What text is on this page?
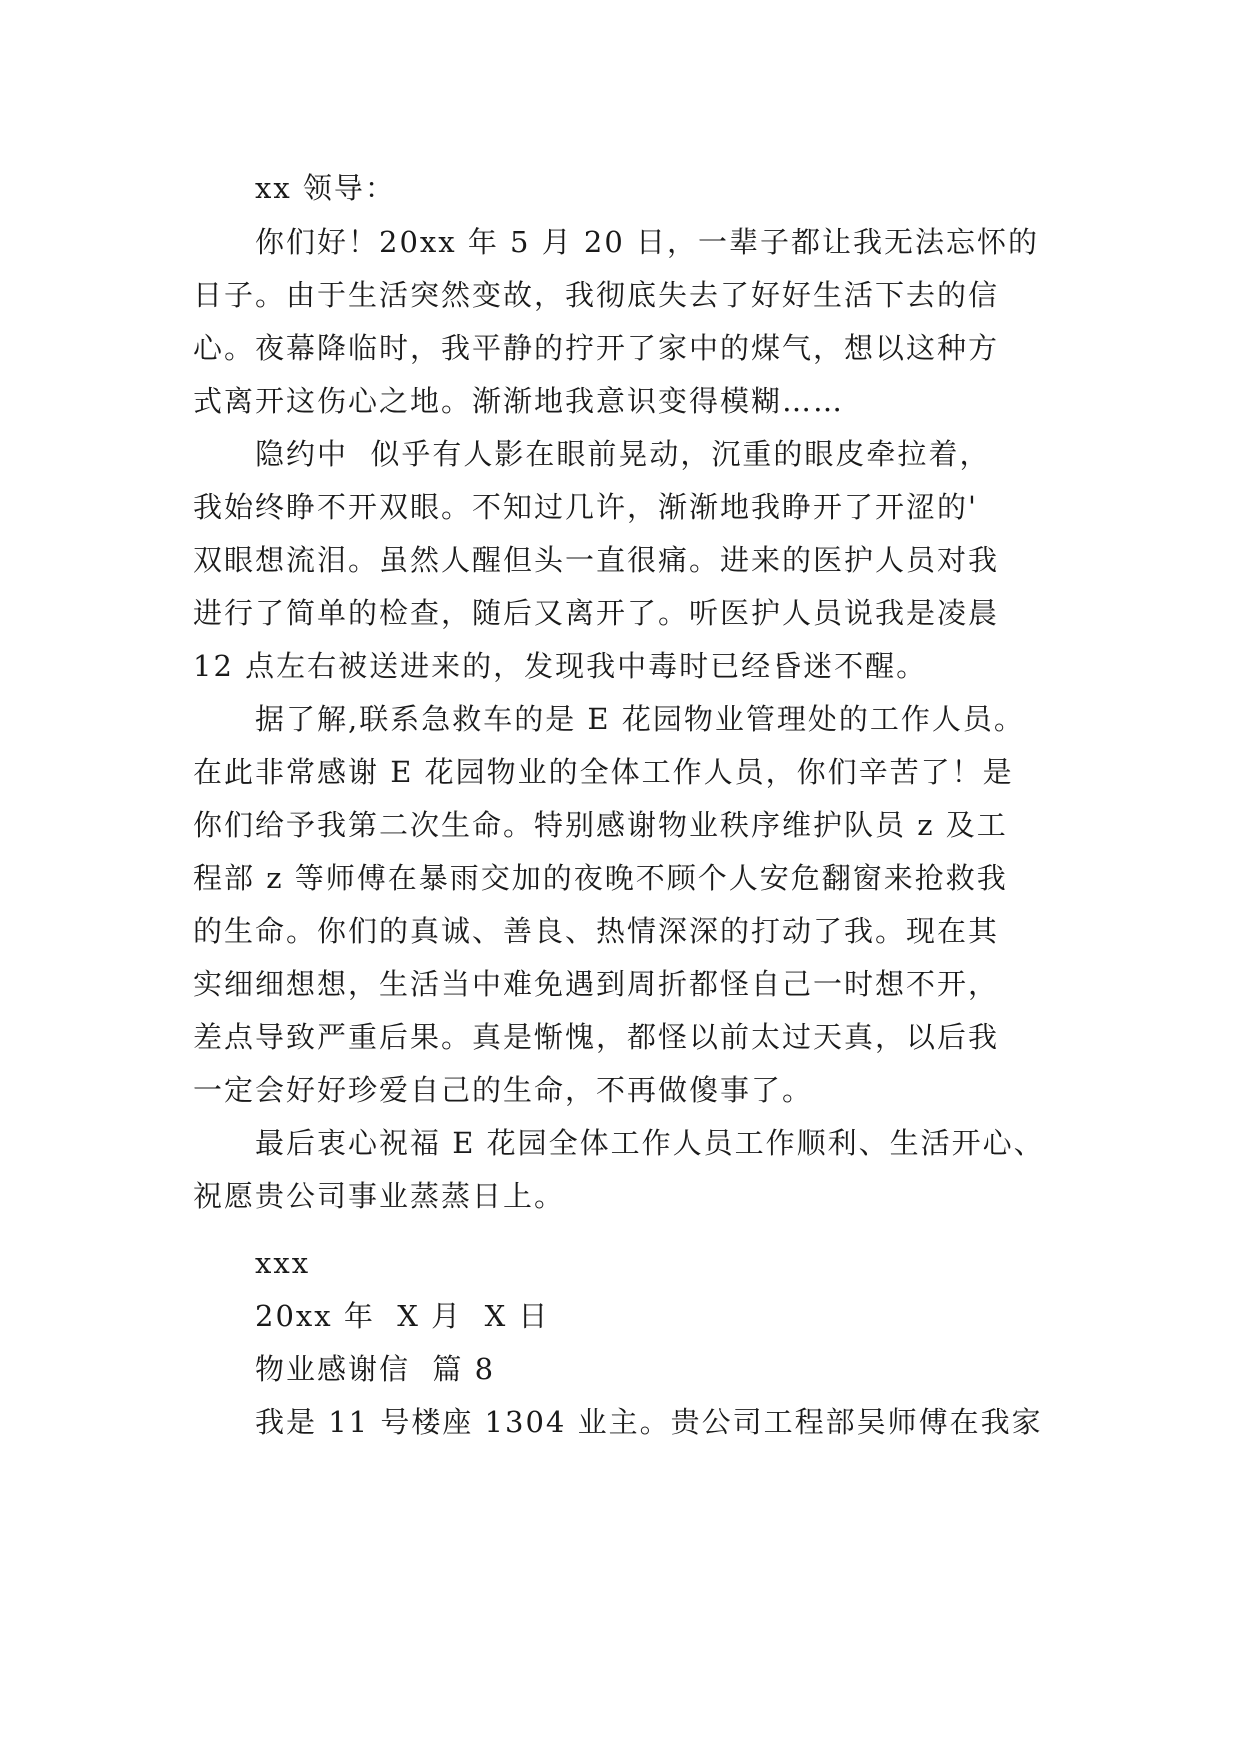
xx 领导：
你们好！20xx 年 5 月 20 日，一辈子都让我无法忘怀的
日子。由于生活突然变故，我彻底失去了好好生活下去的信
心。夜幕降临时，我平静的拧开了家中的煤气，想以这种方
式离开这伤心之地。渐渐地我意识变得模糊……
隐约中  似乎有人影在眼前晃动，沉重的眼皮牵拉着，
我始终睁不开双眼。不知过几许，渐渐地我睁开了开涩的'
双眼想流泪。虽然人醒但头一直很痛。进来的医护人员对我
进行了简单的检查，随后又离开了。听医护人员说我是凌晨
12 点左右被送进来的，发现我中毒时已经昏迷不醒。
据了解,联系急救车的是 E 花园物业管理处的工作人员。
在此非常感谢 E 花园物业的全体工作人员，你们辛苦了！是
你们给予我第二次生命。特别感谢物业秩序维护队员 z 及工
程部 z 等师傅在暴雨交加的夜晚不顾个人安危翻窗来抢救我
的生命。你们的真诚、善良、热情深深的打动了我。现在其
实细细想想，生活当中难免遇到周折都怪自己一时想不开，
差点导致严重后果。真是惭愧，都怪以前太过天真，以后我
一定会好好珍爱自己的生命，不再做傻事了。
最后衷心祝福 E 花园全体工作人员工作顺利、生活开心、
祝愿贵公司事业蒸蒸日上。
xxx
20xx 年  X 月  X 日
物业感谢信  篇 8
我是 11 号楼座 1304 业主。贵公司工程部吴师傅在我家
